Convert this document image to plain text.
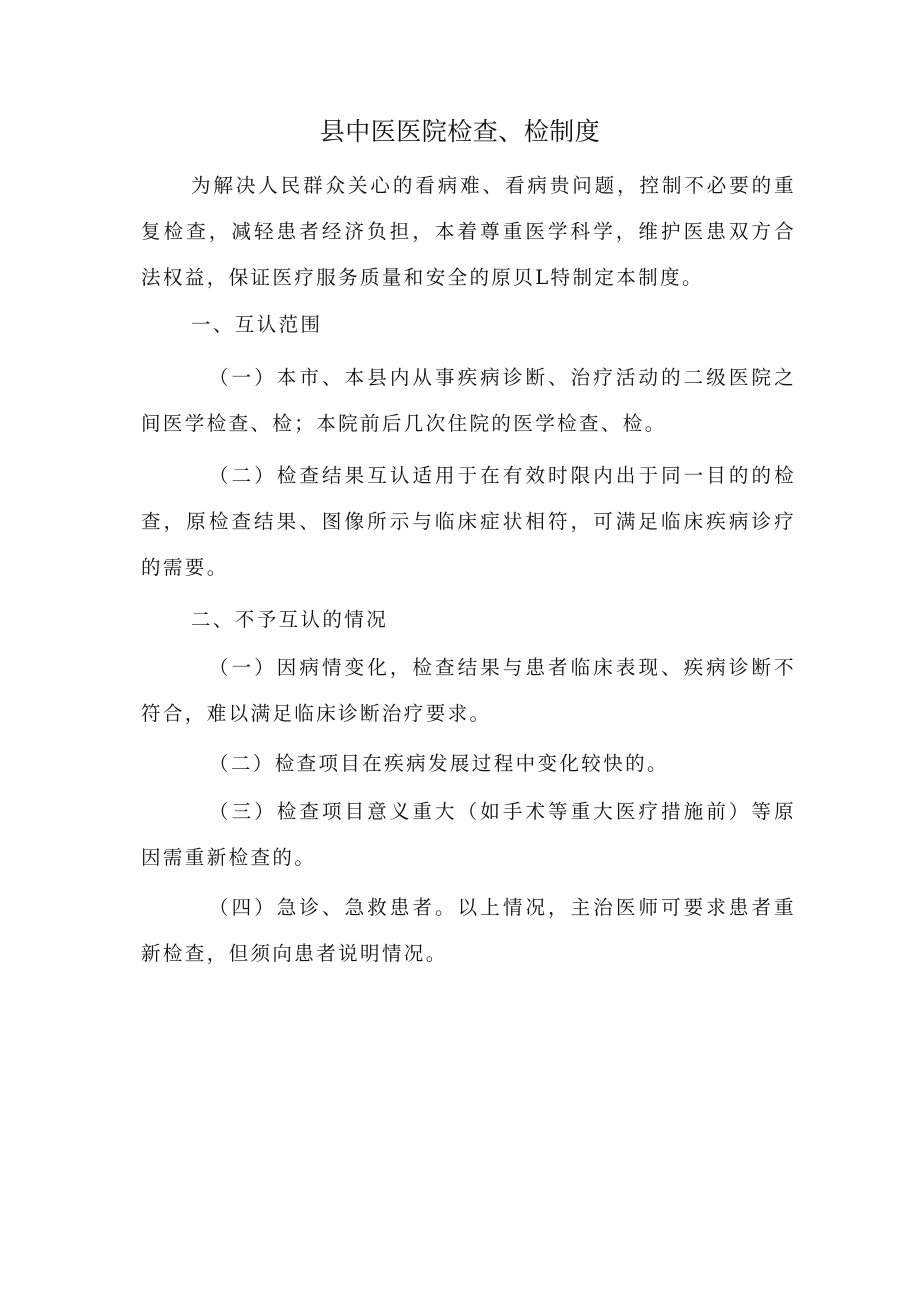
县中医医院检查、检制度

为解决人民群众关心的看病难、看病贵问题，控制不必要的重复检查，减轻患者经济负担，本着尊重医学科学，维护医患双方合法权益，保证医疗服务质量和安全的原贝L特制定本制度。

一、互认范围

（一）本市、本县内从事疾病诊断、治疗活动的二级医院之间医学检查、检；本院前后几次住院的医学检查、检。

（二）检查结果互认适用于在有效时限内出于同一目的的检查，原检查结果、图像所示与临床症状相符，可满足临床疾病诊疗的需要。

二、不予互认的情况

（一）因病情变化，检查结果与患者临床表现、疾病诊断不符合，难以满足临床诊断治疗要求。

（二）检查项目在疾病发展过程中变化较快的。

（三）检查项目意义重大（如手术等重大医疗措施前）等原因需重新检查的。

（四）急诊、急救患者。以上情况，主治医师可要求患者重新检查，但须向患者说明情况。
